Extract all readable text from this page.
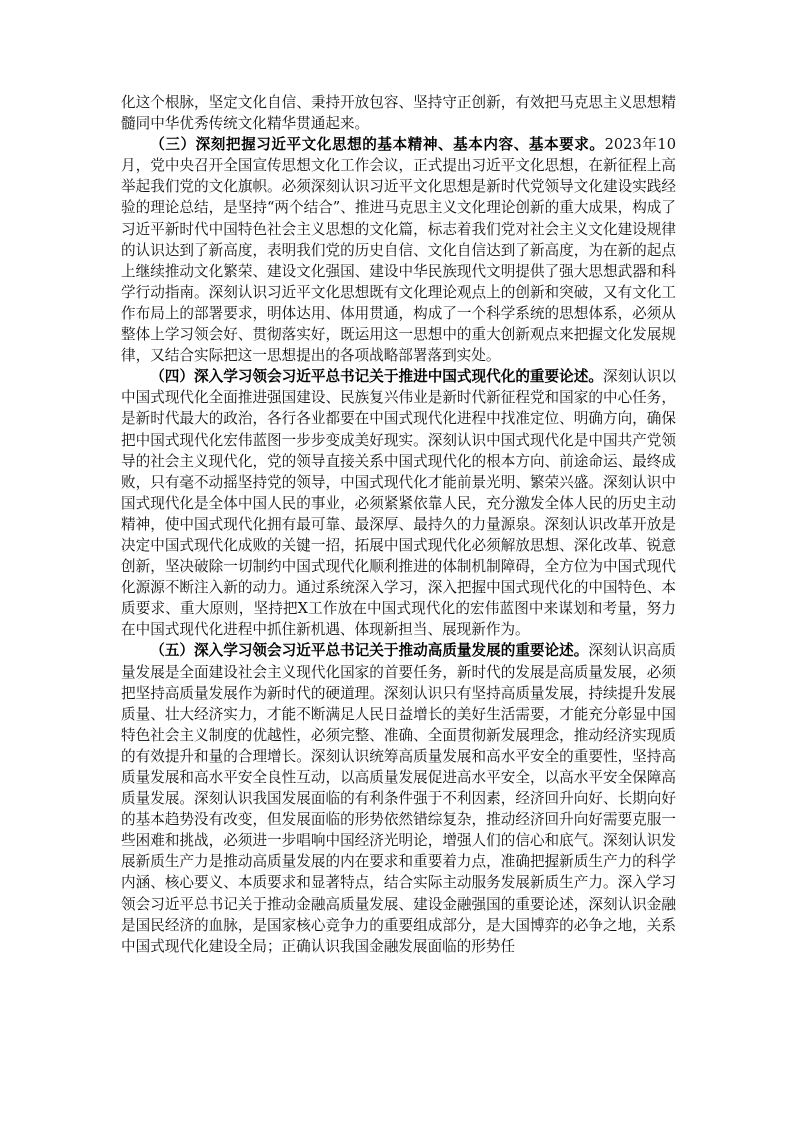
化这个根脉，坚定文化自信、秉持开放包容、坚持守正创新，有效把马克思主义思想精髓同中华优秀传统文化精华贯通起来。

（三）深刻把握习近平文化思想的基本精神、基本内容、基本要求。2023年10月，党中央召开全国宣传思想文化工作会议，正式提出习近平文化思想，在新征程上高举起我们党的文化旗帜。必须深刻认识习近平文化思想是新时代党领导文化建设实践经验的理论总结，是坚持“两个结合”、推进马克思主义文化理论创新的重大成果，构成了习近平新时代中国特色社会主义思想的文化篇，标志着我们党对社会主义文化建设规律的认识达到了新高度，表明我们党的历史自信、文化自信达到了新高度，为在新的起点上继续推动文化繁荣、建设文化强国、建设中华民族现代文明提供了强大思想武器和科学行动指南。深刻认识习近平文化思想既有文化理论观点上的创新和突破，又有文化工作布局上的部署要求，明体达用、体用贯通，构成了一个科学系统的思想体系，必须从整体上学习领会好、贯彻落实好，既运用这一思想中的重大创新观点来把握文化发展规律，又结合实际把这一思想提出的各项战略部署落到实处。

（四）深入学习领会习近平总书记关于推进中国式现代化的重要论述。深刻认识以中国式现代化全面推进强国建设、民族复兴伟业是新时代新征程党和国家的中心任务，是新时代最大的政治，各行各业都要在中国式现代化进程中找准定位、明确方向，确保把中国式现代化宏伟蓝图一步步变成美好现实。深刻认识中国式现代化是中国共产党领导的社会主义现代化，党的领导直接关系中国式现代化的根本方向、前途命运、最终成败，只有毫不动摇坚持党的领导，中国式现代化才能前景光明、繁荣兴盛。深刻认识中国式现代化是全体中国人民的事业，必须紧紧依靠人民，充分激发全体人民的历史主动精神，使中国式现代化拥有最可靠、最深厚、最持久的力量源泉。深刻认识改革开放是决定中国式现代化成败的关键一招，拓展中国式现代化必须解放思想、深化改革、锐意创新，坚决破除一切制约中国式现代化顺利推进的体制机制障碍，全方位为中国式现代化源源不断注入新的动力。通过系统深入学习，深入把握中国式现代化的中国特色、本质要求、重大原则，坚持把X工作放在中国式现代化的宏伟蓝图中来谋划和考量，努力在中国式现代化进程中抓住新机遇、体现新担当、展现新作为。

（五）深入学习领会习近平总书记关于推动高质量发展的重要论述。深刻认识高质量发展是全面建设社会主义现代化国家的首要任务，新时代的发展是高质量发展，必须把坚持高质量发展作为新时代的硬道理。深刻认识只有坚持高质量发展，持续提升发展质量、壮大经济实力，才能不断满足人民日益增长的美好生活需要，才能充分彰显中国特色社会主义制度的优越性，必须完整、准确、全面贯彻新发展理念，推动经济实现质的有效提升和量的合理增长。深刻认识统筹高质量发展和高水平安全的重要性，坚持高质量发展和高水平安全良性互动，以高质量发展促进高水平安全，以高水平安全保障高质量发展。深刻认识我国发展面临的有利条件强于不利因素，经济回升向好、长期向好的基本趋势没有改变，但发展面临的形势依然错综复杂，推动经济回升向好需要克服一些困难和挑战，必须进一步唱响中国经济光明论，增强人们的信心和底气。深刻认识发展新质生产力是推动高质量发展的内在要求和重要着力点，准确把握新质生产力的科学内涵、核心要义、本质要求和显著特点，结合实际主动服务发展新质生产力。深入学习领会习近平总书记关于推动金融高质量发展、建设金融强国的重要论述，深刻认识金融是国民经济的血脉，是国家核心竞争力的重要组成部分，是大国博弈的必争之地，关系中国式现代化建设全局；正确认识我国金融发展面临的形势任
